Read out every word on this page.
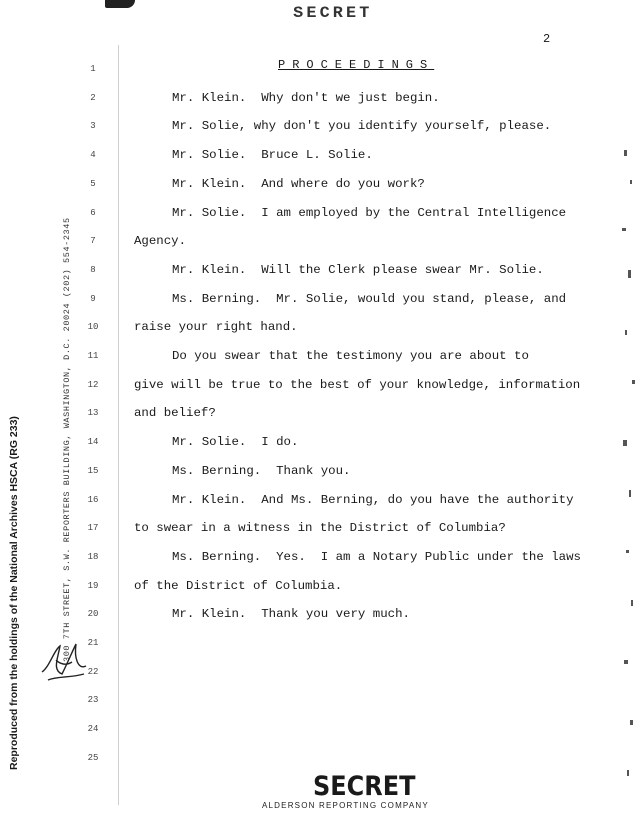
SECRET
2
PROCEEDINGS
Reproduced from the holdings of the National Archives HSCA (RG 233)	300 7TH STREET, S.W. REPORTERS BUILDING, WASHINGTON, D.C. 20024 (202) 554-2345
1
2
3
4
5
6
7
8
9
10
11
12
13
14
15
16
17
18
19
20
21
22
23
24
25
Mr. Klein.  Why don't we just begin.
Mr. Solie, why don't you identify yourself, please.
Mr. Solie.  Bruce L. Solie.
Mr. Klein.  And where do you work?
Mr. Solie.  I am employed by the Central Intelligence
Agency.
Mr. Klein.  Will the Clerk please swear Mr. Solie.
Ms. Berning.  Mr. Solie, would you stand, please, and
raise your right hand.
Do you swear that the testimony you are about to
give will be true to the best of your knowledge, information
and belief?
Mr. Solie.  I do.
Ms. Berning.  Thank you.
Mr. Klein.  And Ms. Berning, do you have the authority
to swear in a witness in the District of Columbia?
Ms. Berning.  Yes.  I am a Notary Public under the laws
of the District of Columbia.
Mr. Klein.  Thank you very much.
SECRET
ALDERSON REPORTING COMPANY
